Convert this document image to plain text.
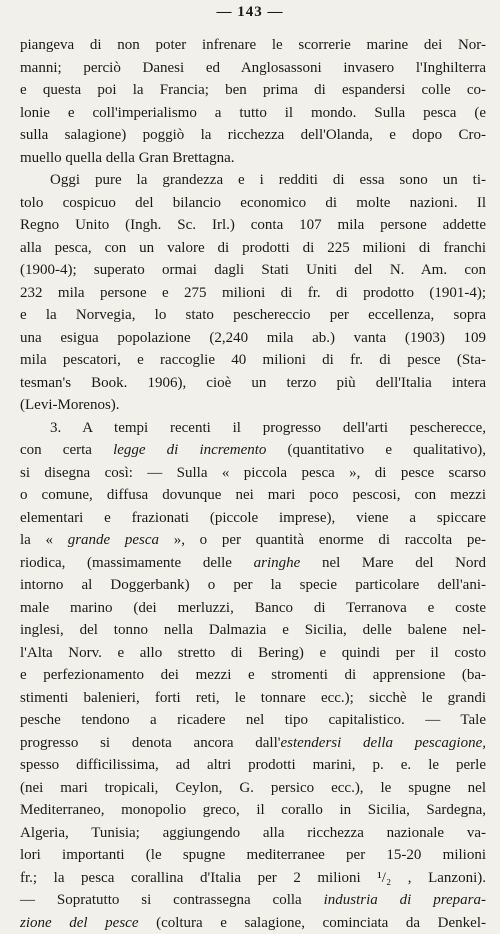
— 143 —
piangeva di non poter infrenare le scorrerie marine dei Nor-
manni; perciò Danesi ed Anglosassoni invasero l'Inghilterra
e questa poi la Francia; ben prima di espandersi colle co-
lonie e coll'imperialismo a tutto il mondo. Sulla pesca (e
sulla salagione) poggiò la ricchezza dell'Olanda, e dopo Cro-
muello quella della Gran Brettagna.
Oggi pure la grandezza e i redditi di essa sono un ti-
tolo cospicuo del bilancio economico di molte nazioni. Il
Regno Unito (Ingh. Sc. Irl.) conta 107 mila persone addette
alla pesca, con un valore di prodotti di 225 milioni di franchi
(1900-4); superato ormai dagli Stati Uniti del N. Am. con
232 mila persone e 275 milioni di fr. di prodotto (1901-4);
e la Norvegia, lo stato peschereccio per eccellenza, sopra
una esigua popolazione (2,240 mila ab.) vanta (1903) 109
mila pescatori, e raccoglie 40 milioni di fr. di pesce (Sta-
tesman's Book. 1906), cioè un terzo più dell'Italia intera
(Levi-Morenos).
3. A tempi recenti il progresso dell'arti pescherecce,
con certa legge di incremento (quantitativo e qualitativo),
si disegna così: — Sulla « piccola pesca », di pesce scarso
o comune, diffusa dovunque nei mari poco pescosi, con mezzi
elementari e frazionati (piccole imprese), viene a spiccare
la « grande pesca », o per quantità enorme di raccolta pe-
riodica, (massimamente delle aringhe nel Mare del Nord
intorno al Doggerbank) o per la specie particolare dell'ani-
male marino (dei merluzzi, Banco di Terranova e coste
inglesi, del tonno nella Dalmazia e Sicilia, delle balene nel-
l'Alta Norv. e allo stretto di Bering) e quindi per il costo
e perfezionamento dei mezzi e stromenti di apprensione (ba-
stimenti balenieri, forti reti, le tonnare ecc.); sicchè le grandi
pesche tendono a ricadere nel tipo capitalistico. — Tale
progresso si denota ancora dall'estendersi della pescagione,
spesso difficilissima, ad altri prodotti marini, p. e. le perle
(nei mari tropicali, Ceylon, G. persico ecc.), le spugne nel
Mediterraneo, monopolio greco, il corallo in Sicilia, Sardegna,
Algeria, Tunisia; aggiungendo alla ricchezza nazionale va-
lori importanti (le spugne mediterranee per 15-20 milioni
fr.; la pesca corallina d'Italia per 2 milioni ¹/₂ , Lanzoni).
— Sopratutto si contrassegna colla industria di prepara-
zione del pesce (coltura e salagione, cominciata da Denkel-
